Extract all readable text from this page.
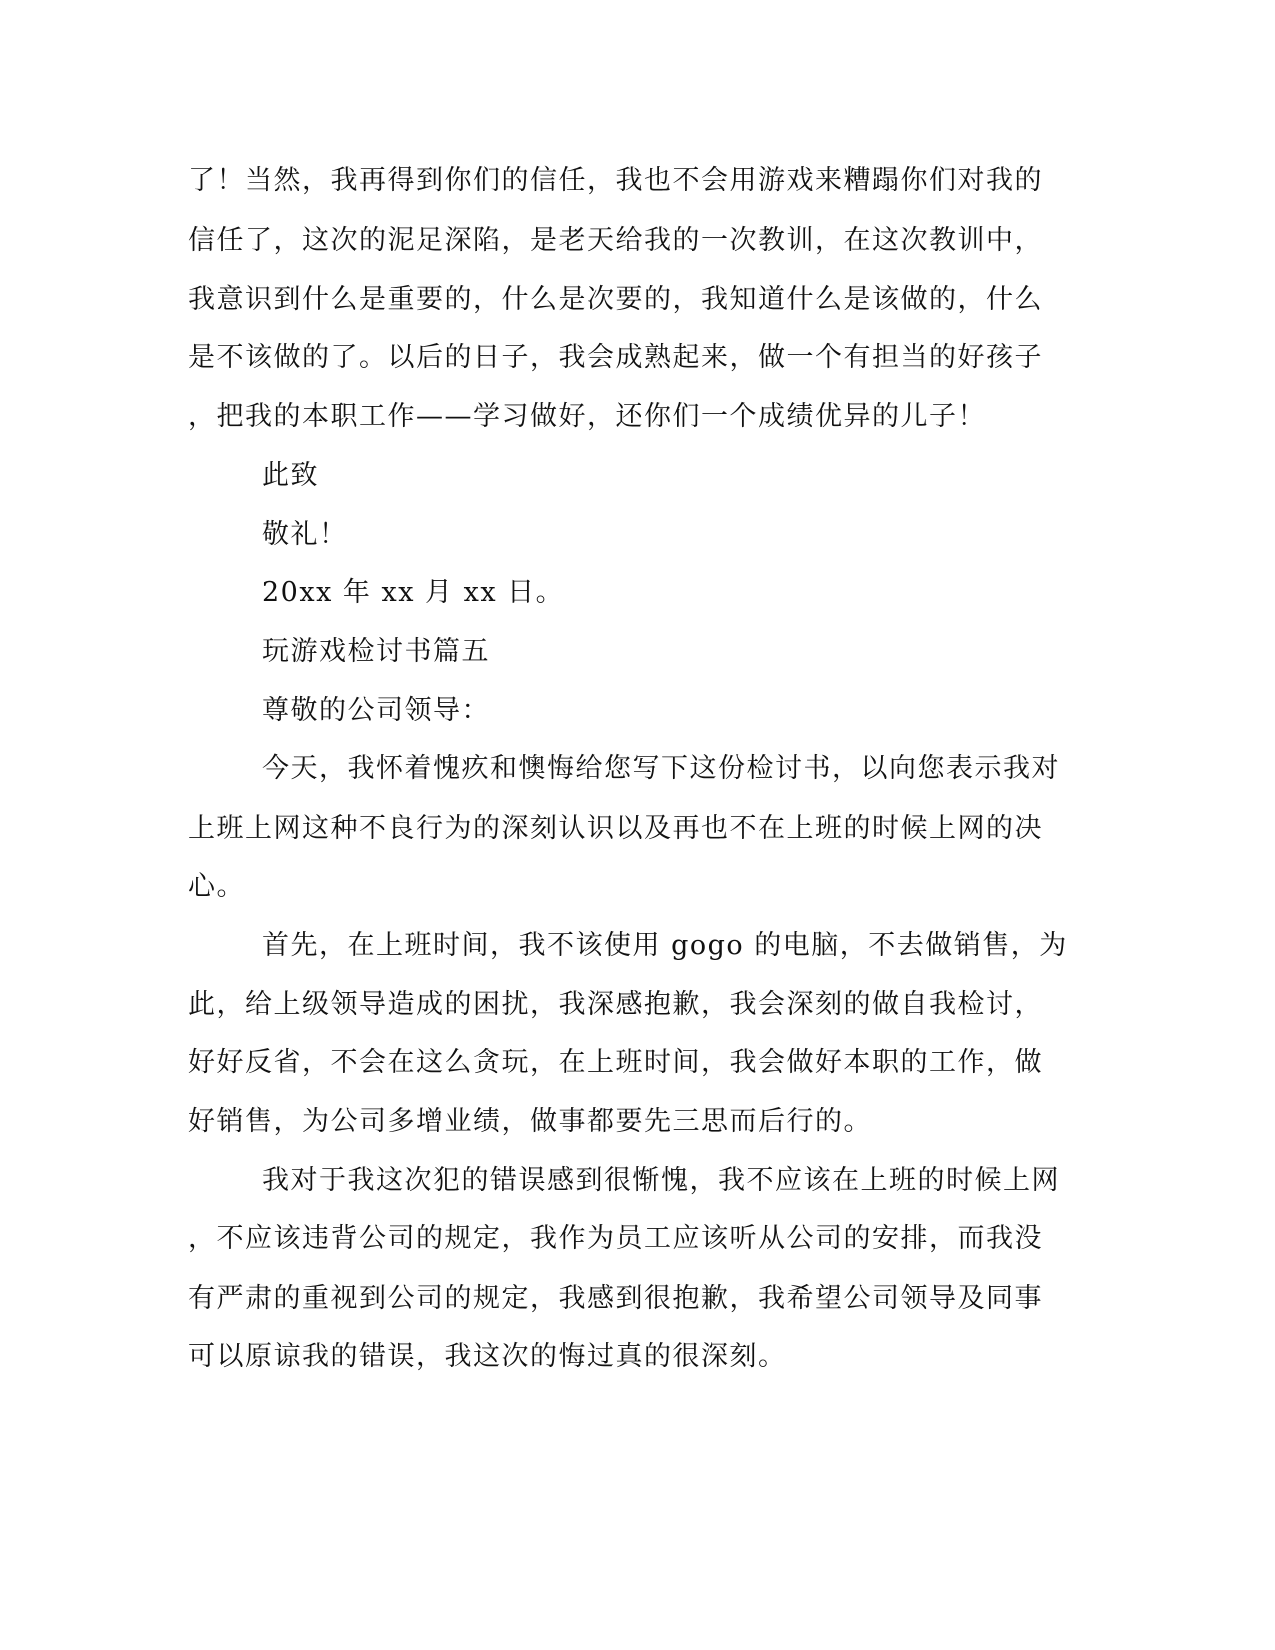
了！当然，我再得到你们的信任，我也不会用游戏来糟蹋你们对我的
信任了，这次的泥足深陷，是老天给我的一次教训，在这次教训中，
我意识到什么是重要的，什么是次要的，我知道什么是该做的，什么
是不该做的了。以后的日子，我会成熟起来，做一个有担当的好孩子
，把我的本职工作——学习做好，还你们一个成绩优异的儿子！
此致
敬礼！
20xx 年 xx 月 xx 日。
玩游戏检讨书篇五
尊敬的公司领导：
今天，我怀着愧疚和懊悔给您写下这份检讨书，以向您表示我对
上班上网这种不良行为的深刻认识以及再也不在上班的时候上网的决
心。
首先，在上班时间，我不该使用 gogo 的电脑，不去做销售，为
此，给上级领导造成的困扰，我深感抱歉，我会深刻的做自我检讨，
好好反省，不会在这么贪玩，在上班时间，我会做好本职的工作，做
好销售，为公司多增业绩，做事都要先三思而后行的。
我对于我这次犯的错误感到很惭愧，我不应该在上班的时候上网
，不应该违背公司的规定，我作为员工应该听从公司的安排，而我没
有严肃的重视到公司的规定，我感到很抱歉，我希望公司领导及同事
可以原谅我的错误，我这次的悔过真的很深刻。
